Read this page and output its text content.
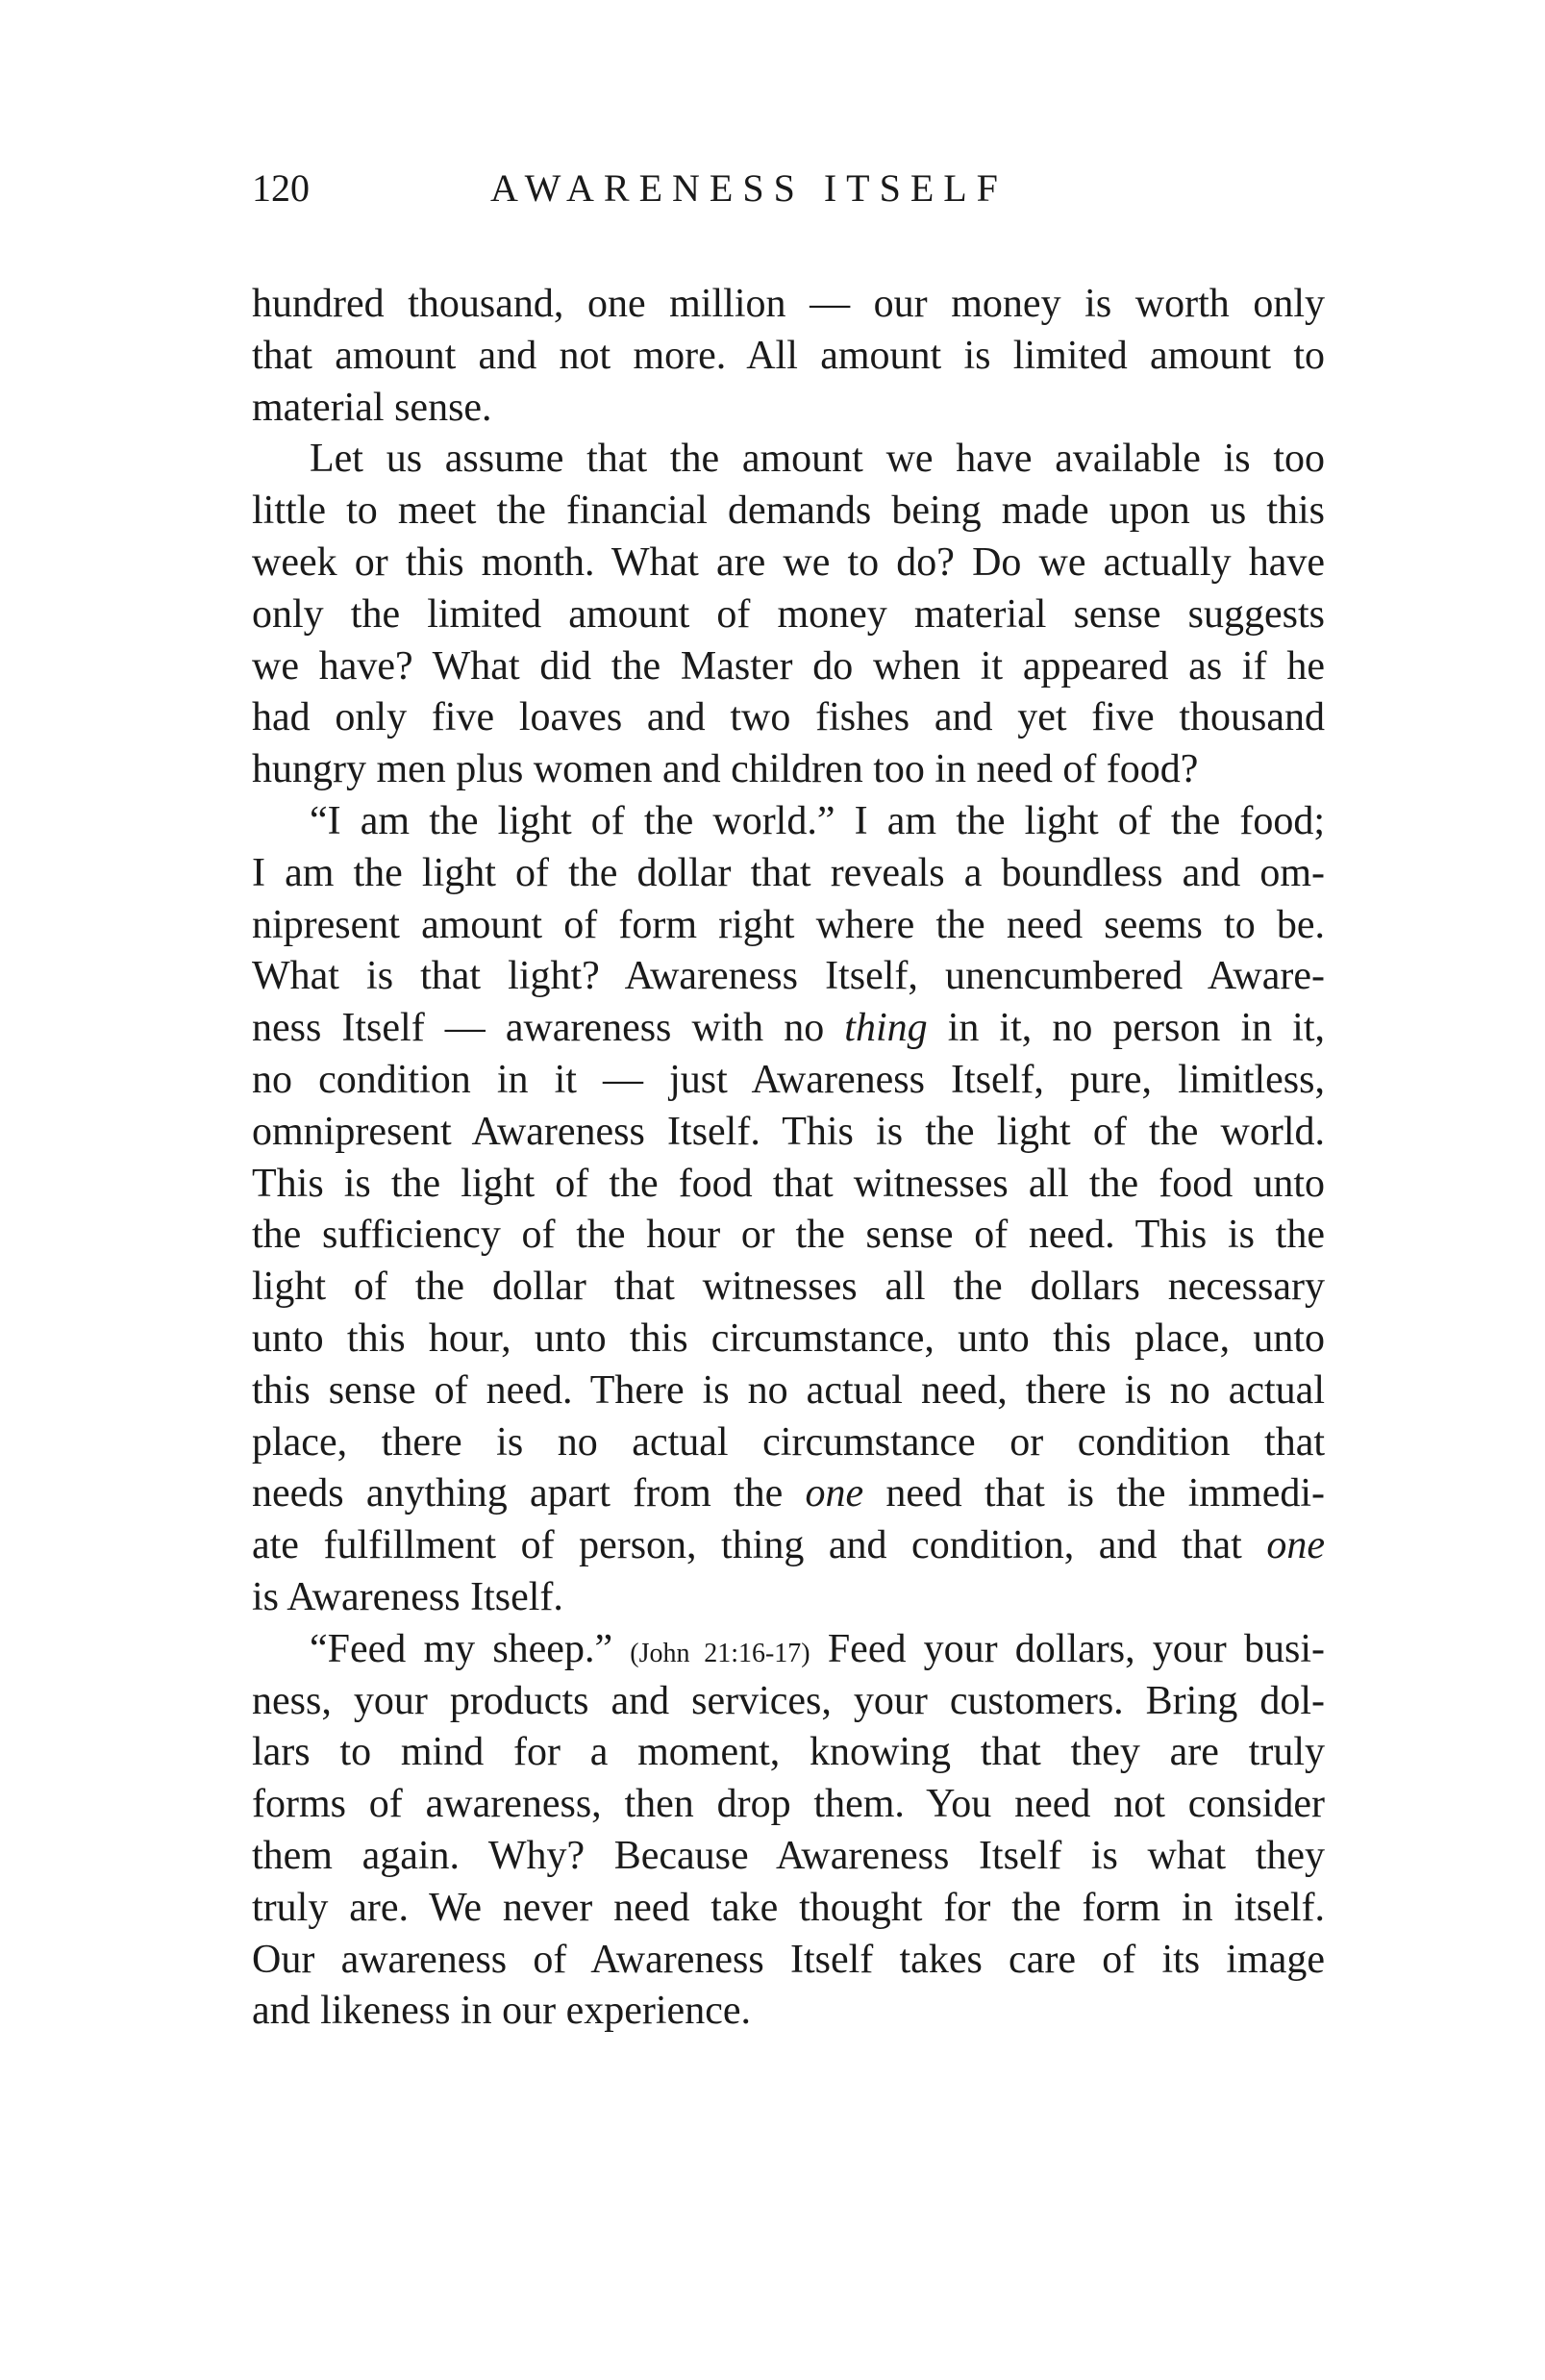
120	AWARENESS ITSELF
hundred thousand, one million — our money is worth only
that amount and not more. All amount is limited amount to
material sense.
Let us assume that the amount we have available is too
little to meet the financial demands being made upon us this
week or this month. What are we to do? Do we actually have
only the limited amount of money material sense suggests
we have? What did the Master do when it appeared as if he
had only five loaves and two fishes and yet five thousand
hungry men plus women and children too in need of food?
“I am the light of the world.” I am the light of the food;
I am the light of the dollar that reveals a boundless and om-
nipresent amount of form right where the need seems to be.
What is that light? Awareness Itself, unencumbered Aware-
ness Itself — awareness with no thing in it, no person in it,
no condition in it — just Awareness Itself, pure, limitless,
omnipresent Awareness Itself. This is the light of the world.
This is the light of the food that witnesses all the food unto
the sufficiency of the hour or the sense of need. This is the
light of the dollar that witnesses all the dollars necessary
unto this hour, unto this circumstance, unto this place, unto
this sense of need. There is no actual need, there is no actual
place, there is no actual circumstance or condition that
needs anything apart from the one need that is the immedi-
ate fulfillment of person, thing and condition, and that one
is Awareness Itself.
“Feed my sheep.” (John 21:16-17) Feed your dollars, your busi-
ness, your products and services, your customers. Bring dol-
lars to mind for a moment, knowing that they are truly
forms of awareness, then drop them. You need not consider
them again. Why? Because Awareness Itself is what they
truly are. We never need take thought for the form in itself.
Our awareness of Awareness Itself takes care of its image
and likeness in our experience.
